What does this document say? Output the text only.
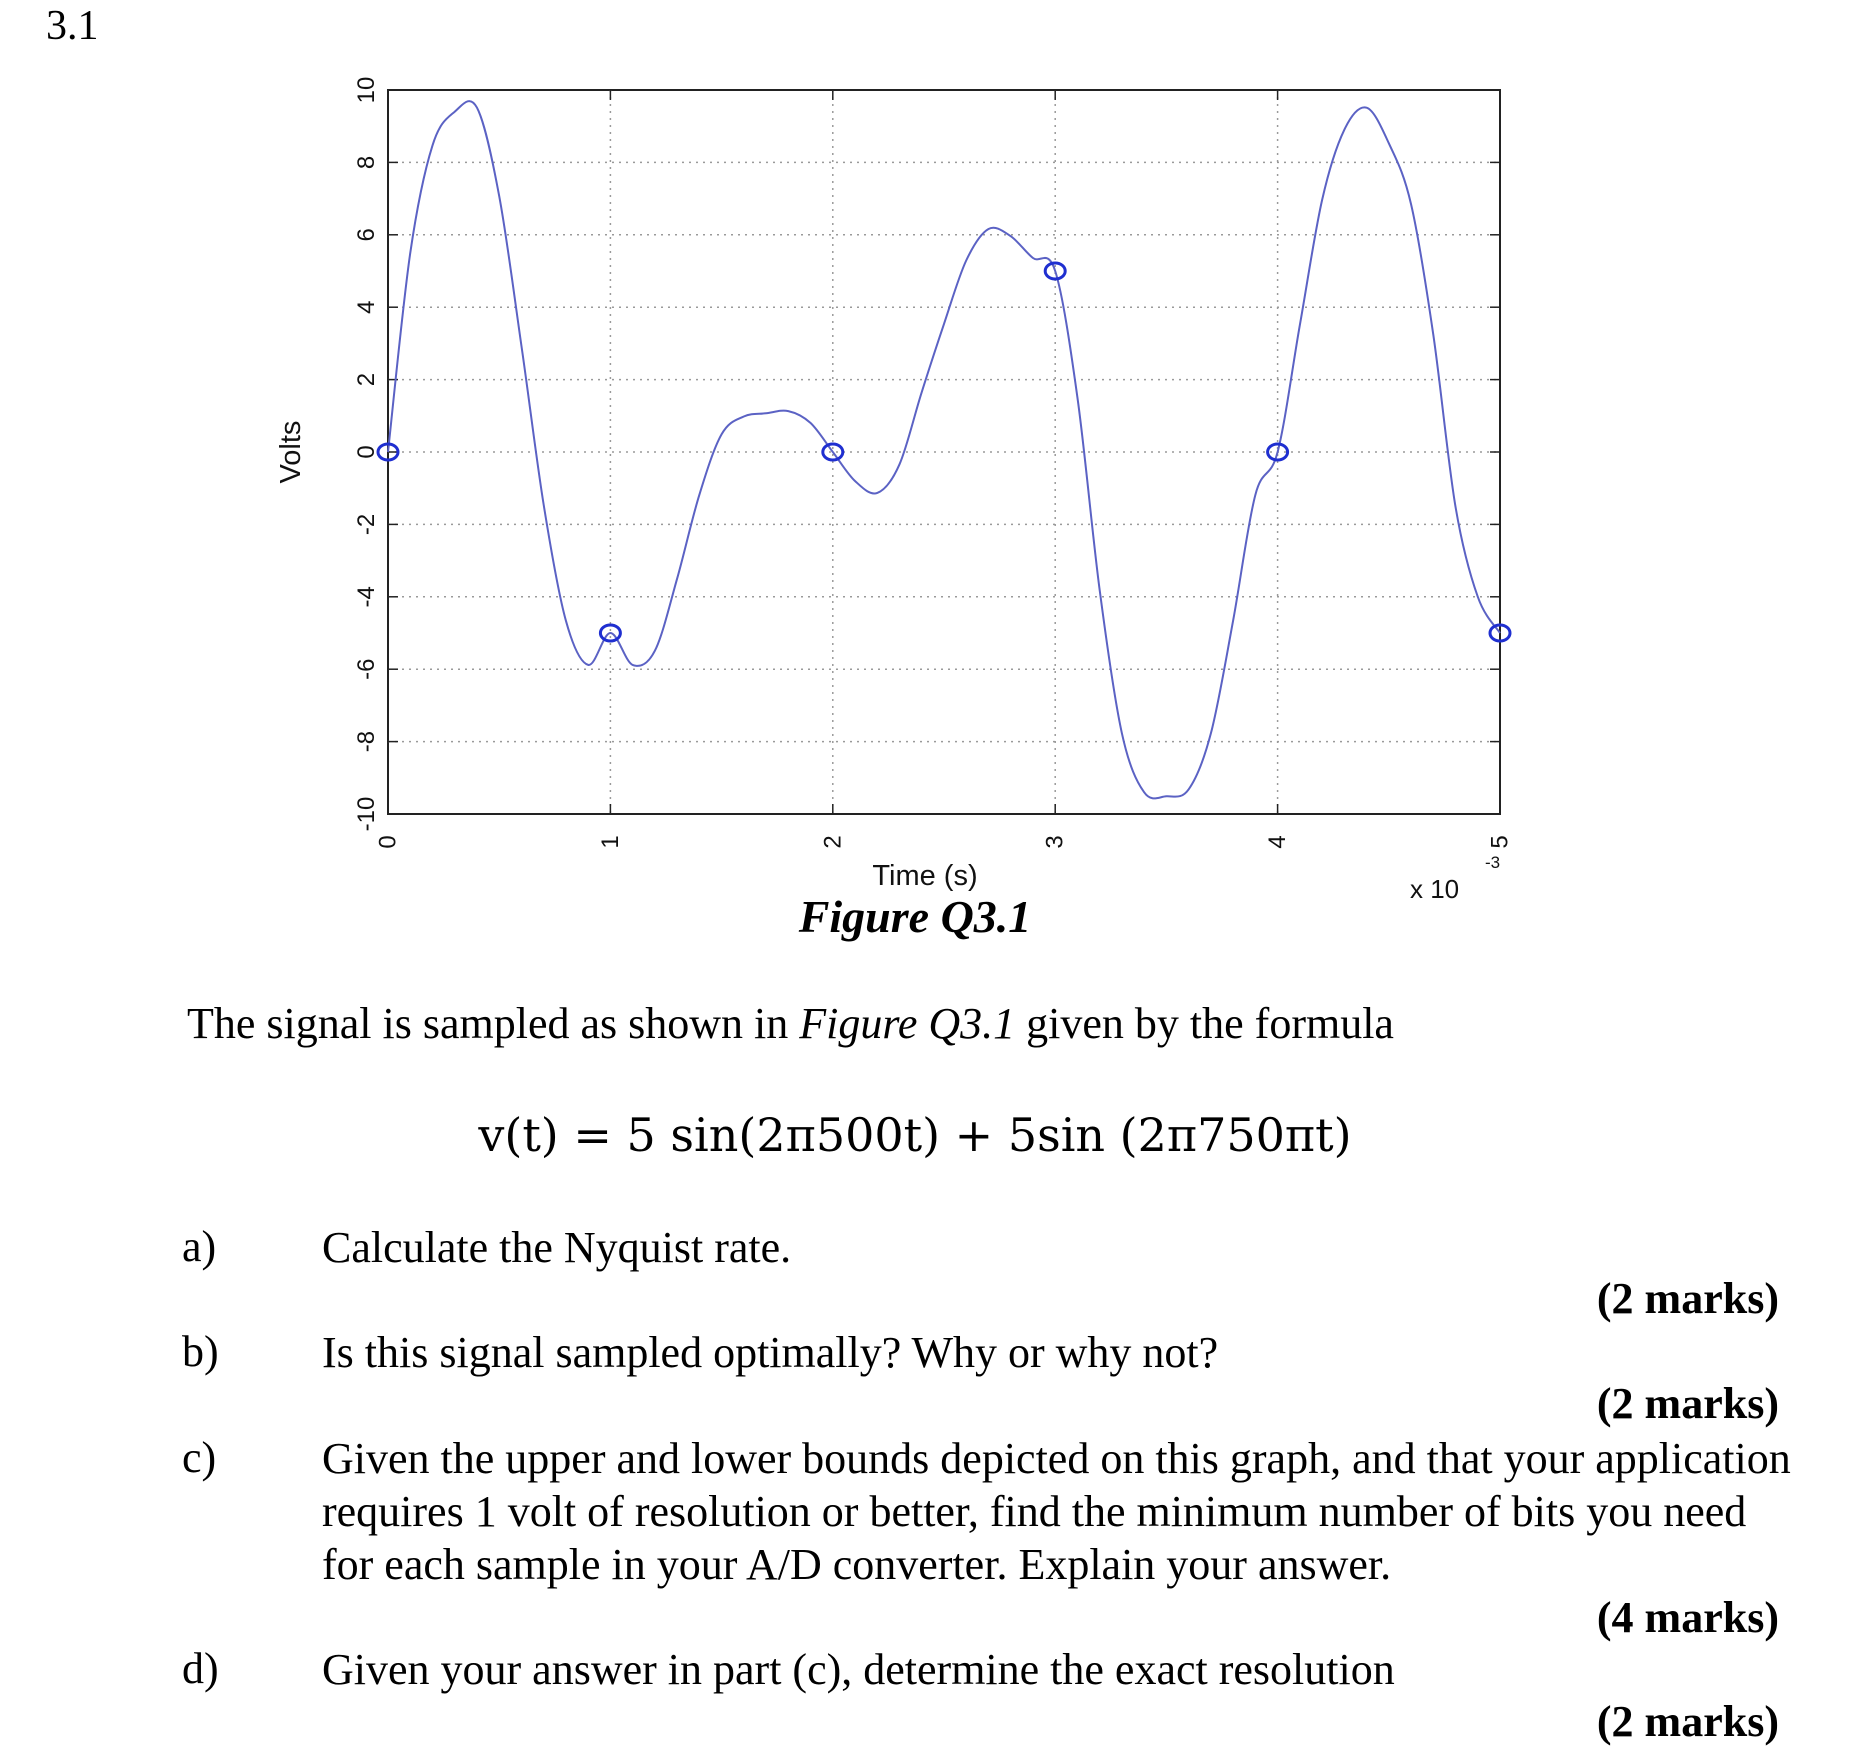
3.1
10
8
6
4
2
0
-2
-4
-6
-8
-10
0	1	2	3	4	5
Volts
Time (s)	x 10
-3
Figure Q3.1
The signal is sampled as shown in Figure Q3.1 given by the formula
v(t) = 5 sin(2π500t) + 5sin (2π750πt)
a) Calculate the Nyquist rate.
(2 marks)
b) Is this signal sampled optimally? Why or why not?
(2 marks)
c) Given the upper and lower bounds depicted on this graph, and that your application requires 1 volt of resolution or better, find the minimum number of bits you need for each sample in your A/D converter. Explain your answer.
(4 marks)
d) Given your answer in part (c), determine the exact resolution
(2 marks)
